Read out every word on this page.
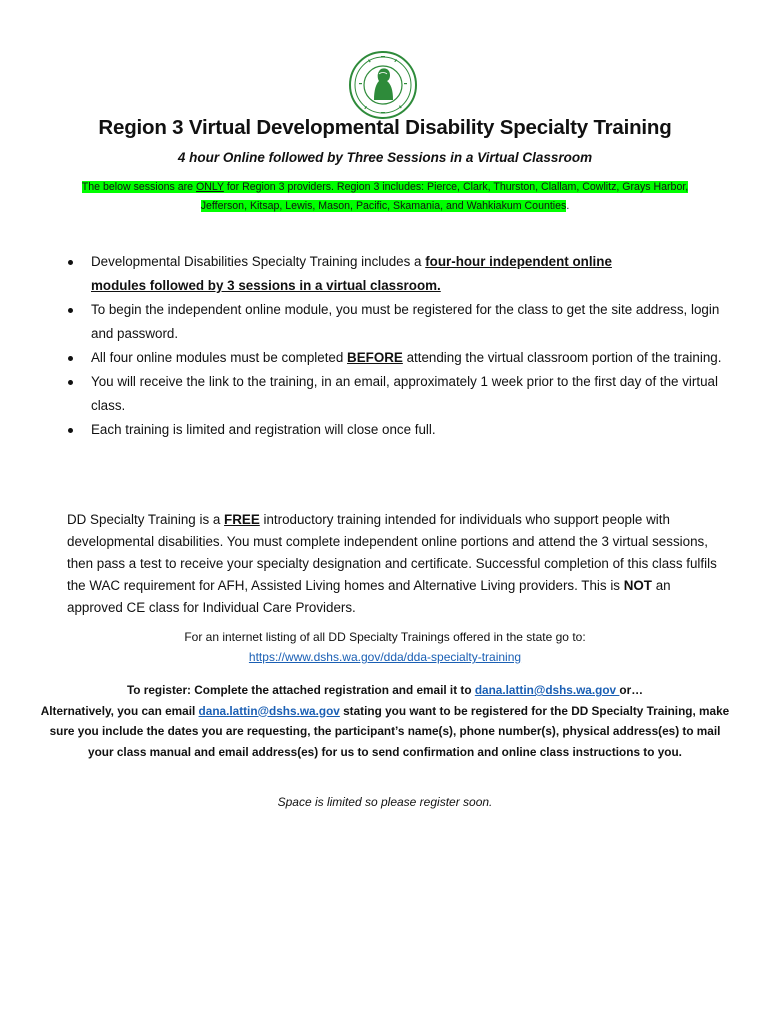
Region 3 Virtual Developmental Disability Specialty Training
4 hour Online followed by Three Sessions in a Virtual Classroom
The below sessions are ONLY for Region 3 providers. Region 3 includes: Pierce, Clark, Thurston, Clallam, Cowlitz, Grays Harbor,
Jefferson, Kitsap, Lewis, Mason, Pacific, Skamania, and Wahkiakum Counties.
Developmental Disabilities Specialty Training includes a four-hour independent online
modules followed by 3 sessions in a virtual classroom.
To begin the independent online module, you must be registered for the class to get the site address, login and password.
All four online modules must be completed BEFORE attending the virtual classroom portion of the training.
You will receive the link to the training, in an email, approximately 1 week prior to the first day of the virtual class.
Each training is limited and registration will close once full.
DD Specialty Training is a FREE introductory training intended for individuals who support people with developmental disabilities. You must complete independent online portions and attend the 3 virtual sessions, then pass a test to receive your specialty designation and certificate. Successful completion of this class fulfils the WAC requirement for AFH, Assisted Living homes and Alternative Living providers. This is NOT an approved CE class for Individual Care Providers.
For an internet listing of all DD Specialty Trainings offered in the state go to:
https://www.dshs.wa.gov/dda/dda-specialty-training
To register: Complete the attached registration and email it to dana.lattin@dshs.wa.gov or…
Alternatively, you can email dana.lattin@dshs.wa.gov stating you want to be registered for the DD Specialty Training, make sure you include the dates you are requesting, the participant’s name(s), phone number(s), physical address(es) to mail your class manual and email address(es) for us to send confirmation and online class instructions to you.
Space is limited so please register soon.
